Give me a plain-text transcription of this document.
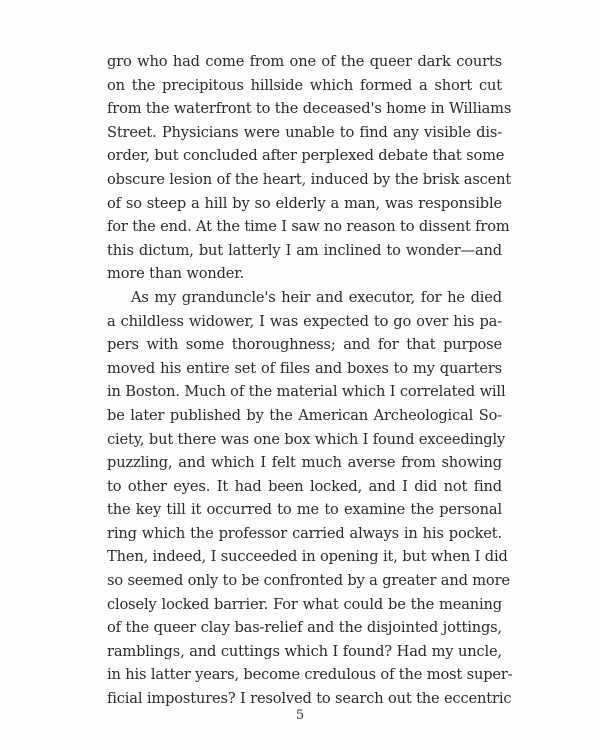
gro who had come from one of the queer dark courts
on the precipitous hillside which formed a short cut
from the waterfront to the deceased's home in Williams
Street. Physicians were unable to find any visible dis-
order, but concluded after perplexed debate that some
obscure lesion of the heart, induced by the brisk ascent
of so steep a hill by so elderly a man, was responsible
for the end. At the time I saw no reason to dissent from
this dictum, but latterly I am inclined to wonder—and
more than wonder.
As my granduncle's heir and executor, for he died
a childless widower, I was expected to go over his pa-
pers with some thoroughness; and for that purpose
moved his entire set of files and boxes to my quarters
in Boston. Much of the material which I correlated will
be later published by the American Archeological So-
ciety, but there was one box which I found exceedingly
puzzling, and which I felt much averse from showing
to other eyes. It had been locked, and I did not find
the key till it occurred to me to examine the personal
ring which the professor carried always in his pocket.
Then, indeed, I succeeded in opening it, but when I did
so seemed only to be confronted by a greater and more
closely locked barrier. For what could be the meaning
of the queer clay bas-relief and the disjointed jottings,
ramblings, and cuttings which I found? Had my uncle,
in his latter years, become credulous of the most super-
ficial impostures? I resolved to search out the eccentric
5
